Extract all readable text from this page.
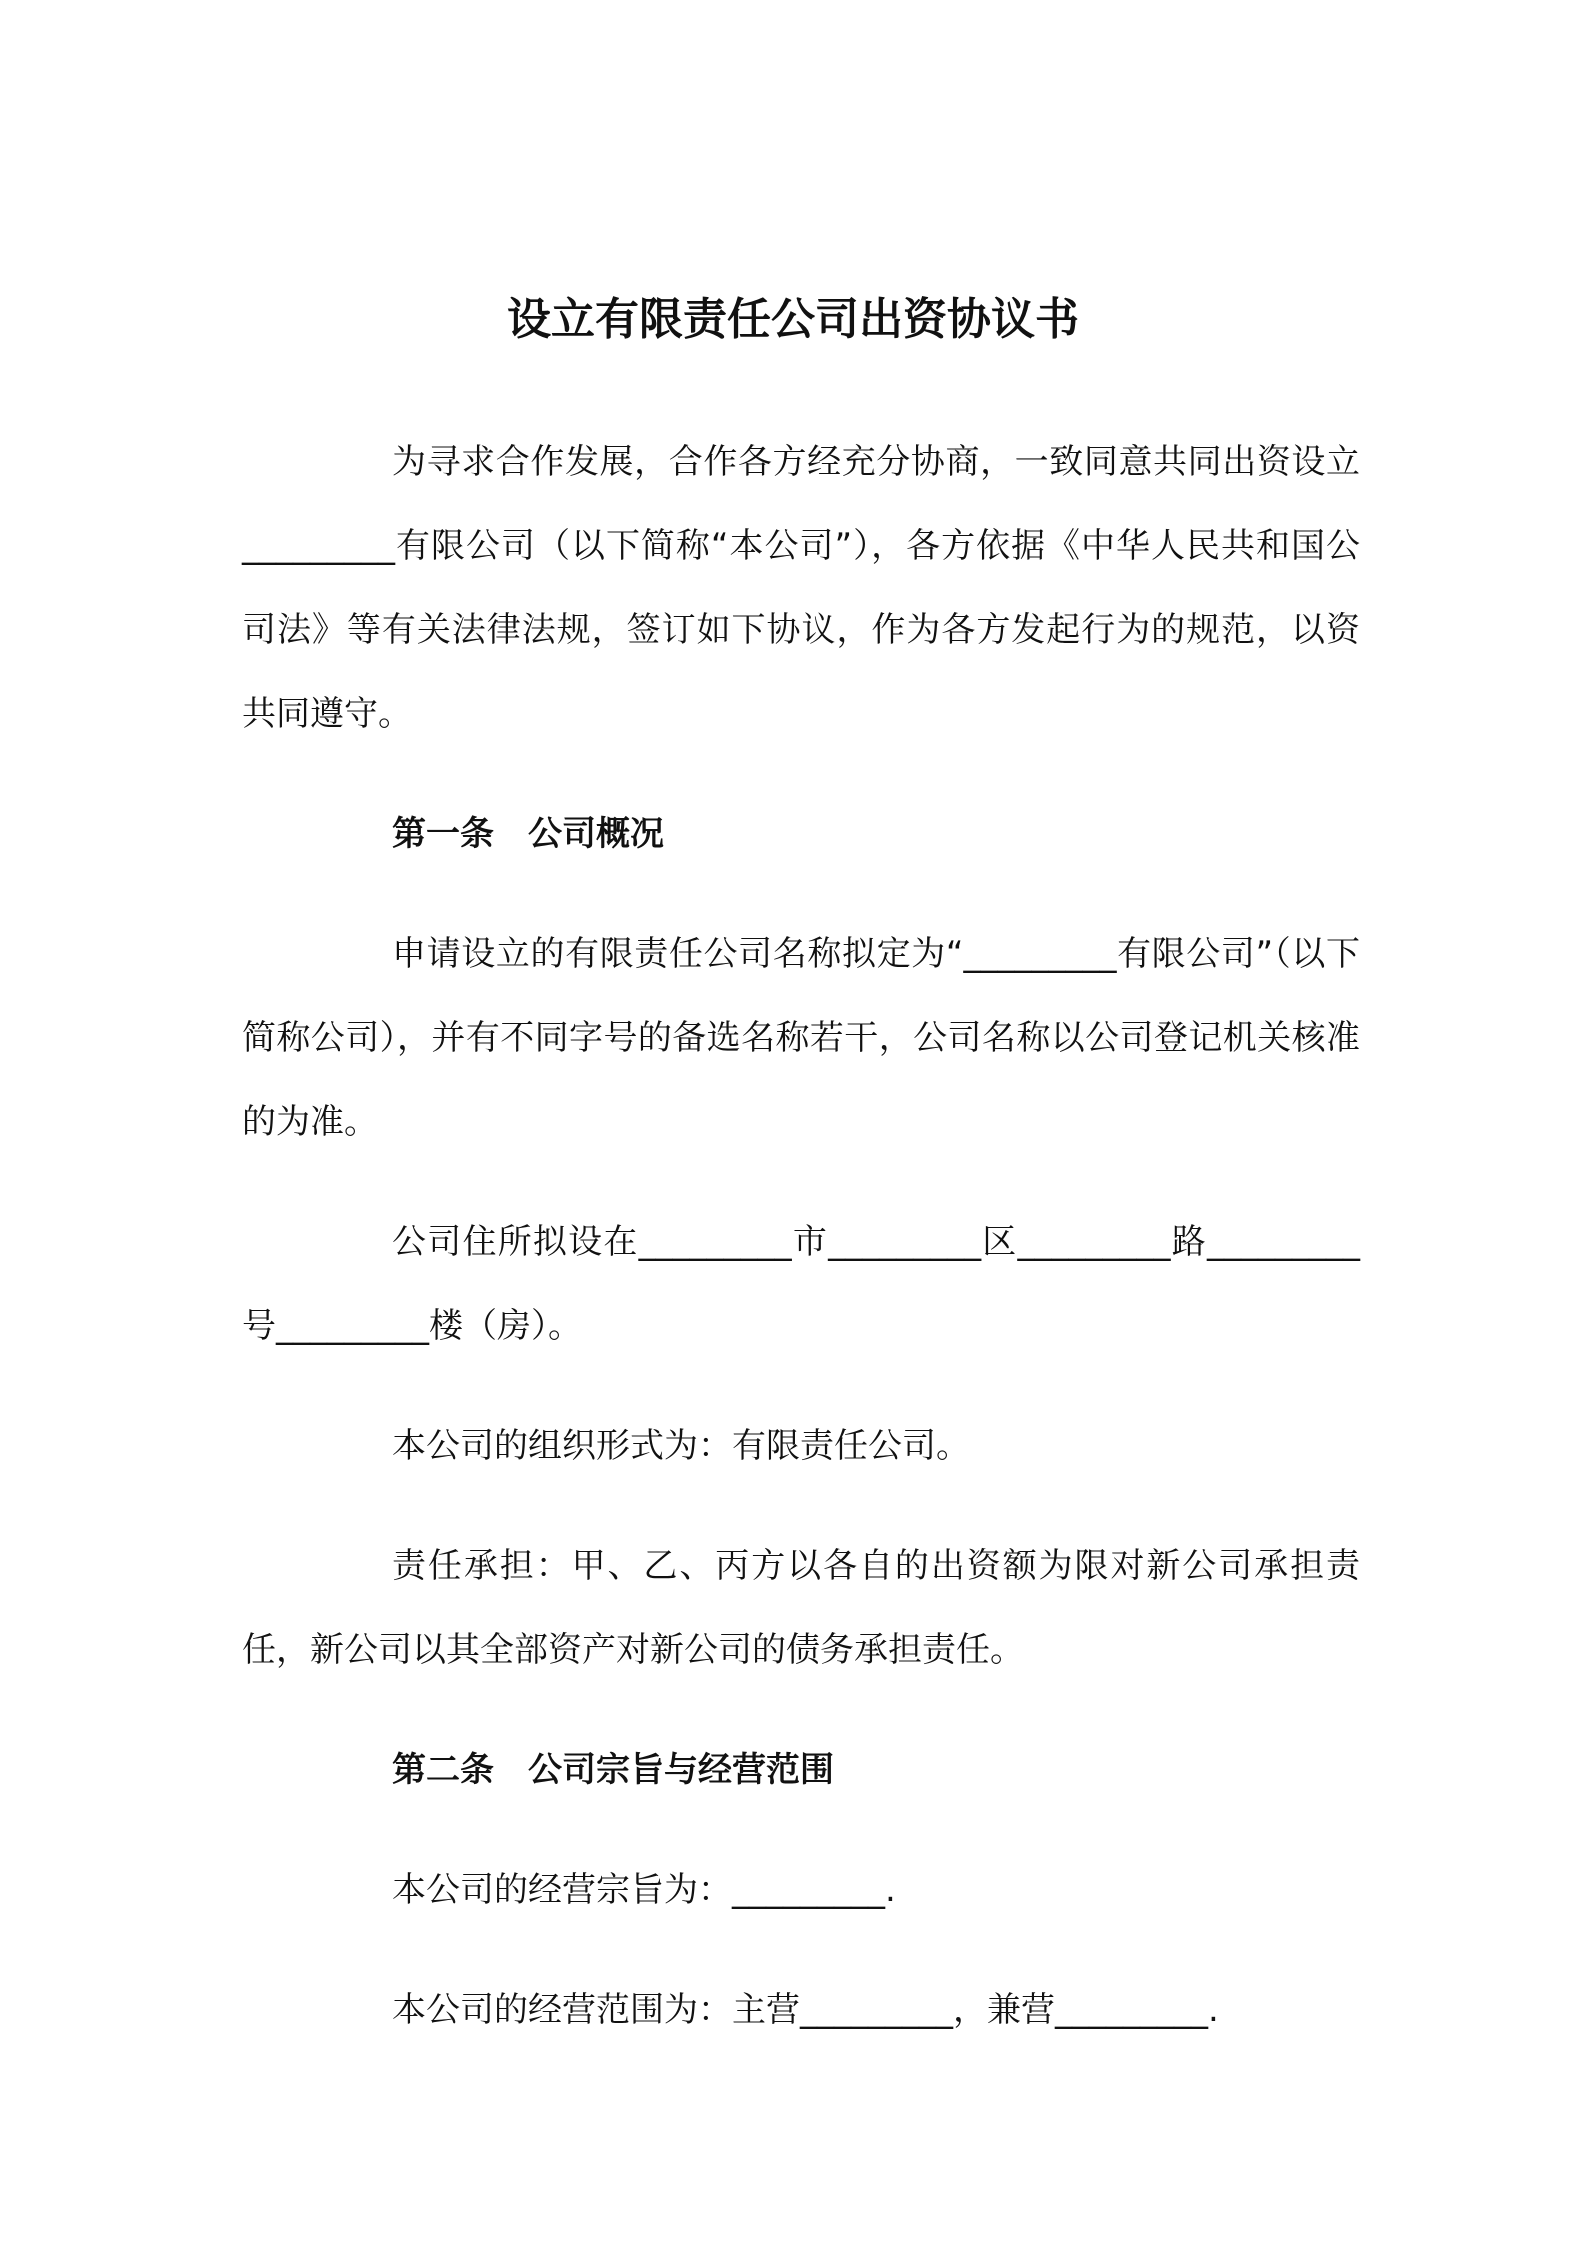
设立有限责任公司出资协议书

为寻求合作发展，合作各方经充分协商，一致同意共同出资设立_________有限公司（以下简称“本公司”），各方依据《中华人民共和国公司法》等有关法律法规，签订如下协议，作为各方发起行为的规范，以资共同遵守。

第一条　公司概况

申请设立的有限责任公司名称拟定为“_________有限公司”（以下简称公司），并有不同字号的备选名称若干，公司名称以公司登记机关核准的为准。

公司住所拟设在_________市_________区_________路_________号_________楼（房）。

本公司的组织形式为：有限责任公司。

责任承担：甲、乙、丙方以各自的出资额为限对新公司承担责任，新公司以其全部资产对新公司的债务承担责任。

第二条　公司宗旨与经营范围

本公司的经营宗旨为：_________.

本公司的经营范围为：主营_________，兼营_________.
